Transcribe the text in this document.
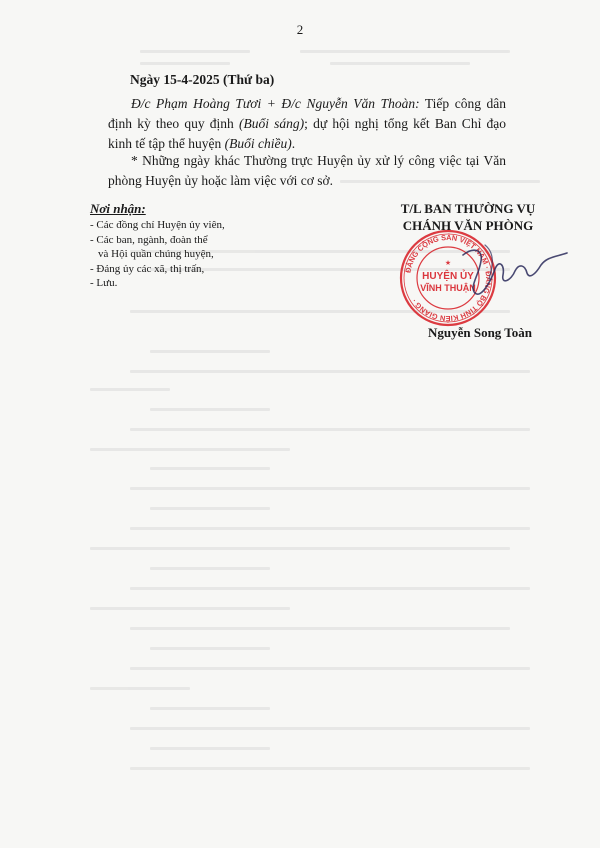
2
Ngày 15-4-2025 (Thứ ba)
Đ/c Phạm Hoàng Tươi + Đ/c Nguyễn Văn Thoàn: Tiếp công dân định kỳ theo quy định (Buổi sáng); dự hội nghị tổng kết Ban Chỉ đạo kinh tế tập thể huyện (Buổi chiều).
* Những ngày khác Thường trực Huyện ủy xử lý công việc tại Văn phòng Huyện ủy hoặc làm việc với cơ sở.
Nơi nhận:
- Các đồng chí Huyện ủy viên,
- Các ban, ngành, đoàn thể
và Hội quần chúng huyện,
- Đảng ủy các xã, thị trấn,
- Lưu.
T/L BAN THƯỜNG VỤ
CHÁNH VĂN PHÒNG
ĐẢNG CỘNG SẢN VIỆT NAM · ĐẢNG BỘ TỈNH KIÊN GIANG ·
★
HUYỆN ỦY
VĨNH THUẬN
Nguyễn Song Toàn
